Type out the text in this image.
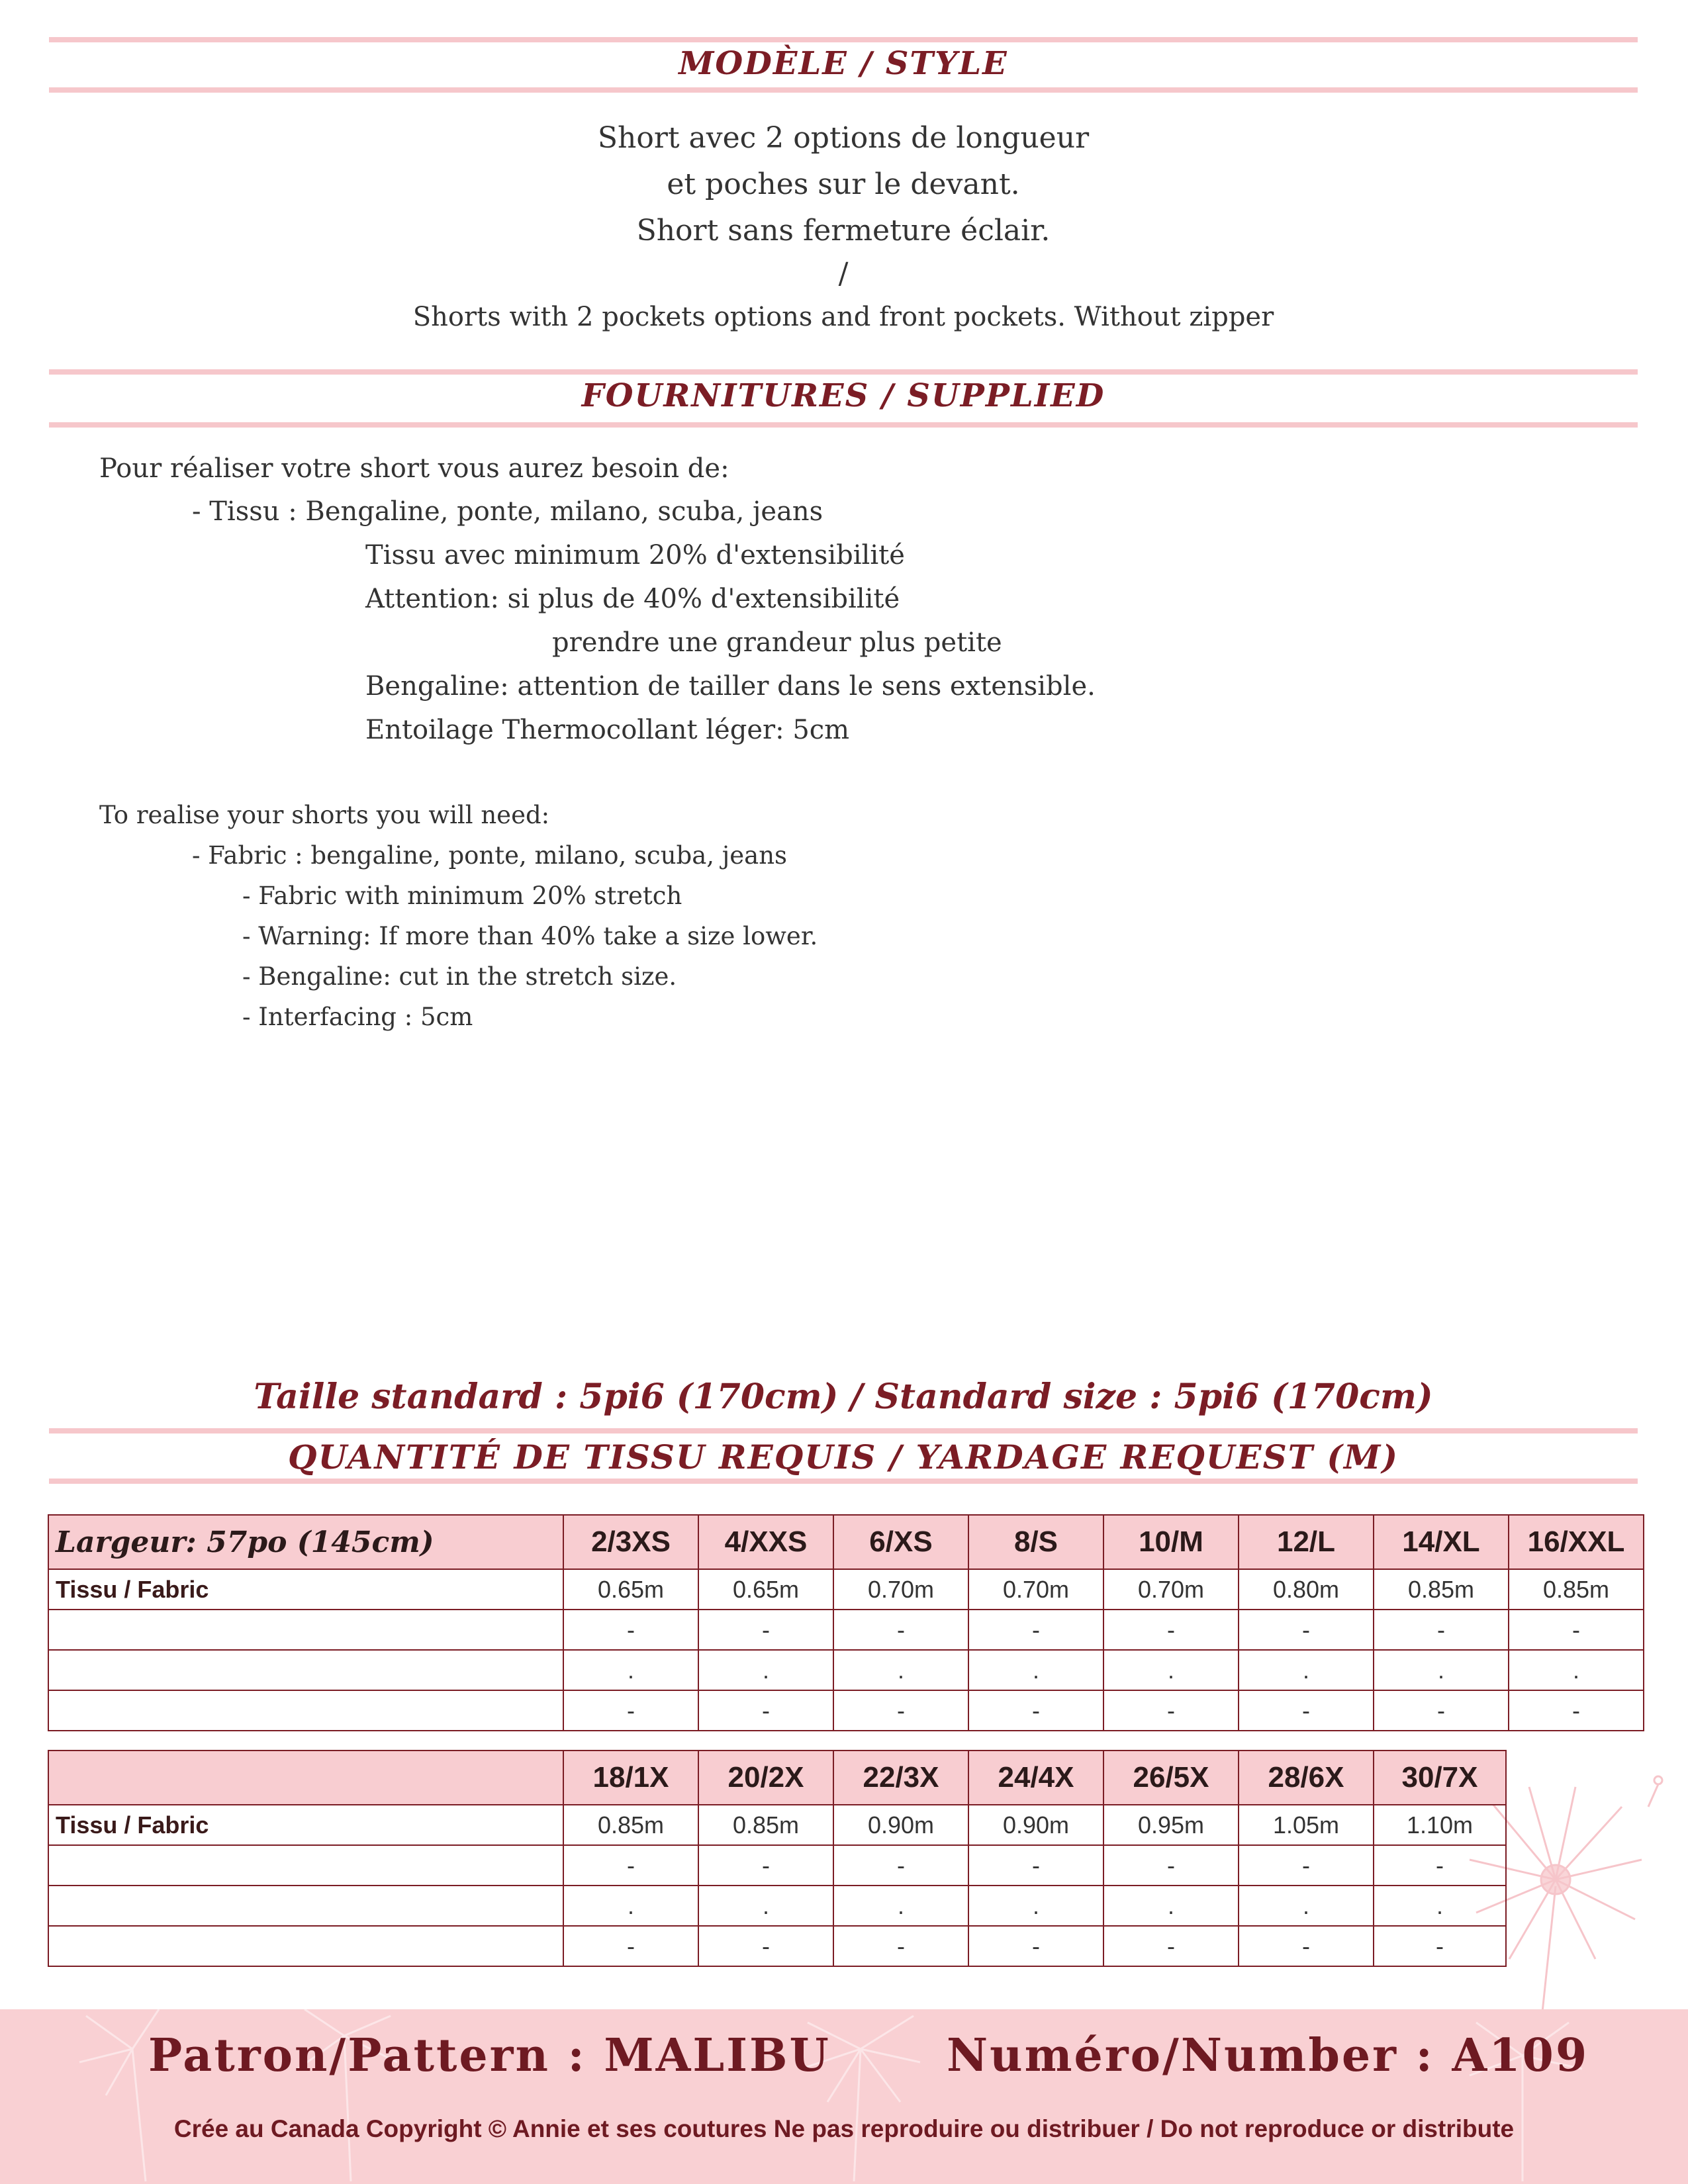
MODÈLE / STYLE
Short avec 2 options de longueur
et poches sur le devant.
Short sans fermeture éclair.
/
Shorts with 2 pockets options and front pockets. Without zipper
FOURNITURES / SUPPLIED
Pour réaliser votre short vous aurez besoin de:
- Tissu : Bengaline, ponte, milano, scuba, jeans
Tissu avec minimum 20% d'extensibilité
Attention: si plus de 40% d'extensibilité
prendre une grandeur plus petite
Bengaline: attention de tailler dans le sens extensible.
Entoilage Thermocollant léger: 5cm
To realise your shorts you will need:
- Fabric : bengaline, ponte, milano, scuba, jeans
- Fabric with minimum 20% stretch
- Warning: If more than 40% take a size lower.
- Bengaline: cut in the stretch size.
- Interfacing : 5cm
Taille standard : 5pi6 (170cm) / Standard size : 5pi6 (170cm)
QUANTITÉ DE TISSU REQUIS / YARDAGE REQUEST (M)
Largeur: 57po (145cm)	2/3XS	4/XXS	6/XS	8/S	10/M	12/L	14/XL	16/XXL
Tissu / Fabric	0.65m	0.65m	0.70m	0.70m	0.70m	0.80m	0.85m	0.85m
	-	-	-	-	-	-	-	-
	.	.	.	.	.	.	.	.
	-	-	-	-	-	-	-	-
	18/1X	20/2X	22/3X	24/4X	26/5X	28/6X	30/7X
Tissu / Fabric	0.85m	0.85m	0.90m	0.90m	0.95m	1.05m	1.10m
	-	-	-	-	-	-	-
	.	.	.	.	.	.	.
	-	-	-	-	-	-	-
Patron/Pattern : MALIBU	Numéro/Number : A109
Crée au Canada Copyright © Annie et ses coutures Ne pas reproduire ou distribuer / Do not reproduce or distribute
